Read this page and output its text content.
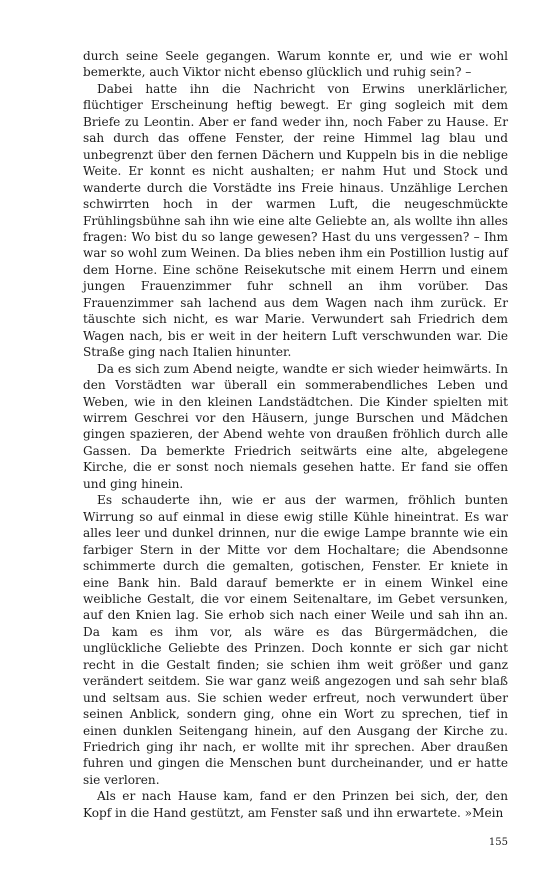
durch seine Seele gegangen. Warum konnte er, und wie er wohl bemerkte, auch Viktor nicht ebenso glücklich und ruhig sein? –

Dabei hatte ihn die Nachricht von Erwins unerklärlicher, flüchtiger Erscheinung heftig bewegt. Er ging sogleich mit dem Briefe zu Leontin. Aber er fand weder ihn, noch Faber zu Hause. Er sah durch das offene Fenster, der reine Himmel lag blau und unbegrenzt über den fernen Dächern und Kuppeln bis in die neblige Weite. Er konnt es nicht aushalten; er nahm Hut und Stock und wanderte durch die Vorstädte ins Freie hinaus. Unzählige Lerchen schwirrten hoch in der warmen Luft, die neugeschmückte Frühlingsbühne sah ihn wie eine alte Geliebte an, als wollte ihn alles fragen: Wo bist du so lange gewesen? Hast du uns vergessen? – Ihm war so wohl zum Weinen. Da blies neben ihm ein Postillion lustig auf dem Horne. Eine schöne Reisekutsche mit einem Herrn und einem jungen Frauenzimmer fuhr schnell an ihm vorüber. Das Frauenzimmer sah lachend aus dem Wagen nach ihm zurück. Er täuschte sich nicht, es war Marie. Verwundert sah Friedrich dem Wagen nach, bis er weit in der heitern Luft verschwunden war. Die Straße ging nach Italien hinunter.

Da es sich zum Abend neigte, wandte er sich wieder heimwärts. In den Vorstädten war überall ein sommerabendliches Leben und Weben, wie in den kleinen Landstädtchen. Die Kinder spielten mit wirrem Geschrei vor den Häusern, junge Burschen und Mädchen gingen spazieren, der Abend wehte von draußen fröhlich durch alle Gassen. Da bemerkte Friedrich seitwärts eine alte, abgelegene Kirche, die er sonst noch niemals gesehen hatte. Er fand sie offen und ging hinein.

Es schauderte ihn, wie er aus der warmen, fröhlich bunten Wirrung so auf einmal in diese ewig stille Kühle hineintrat. Es war alles leer und dunkel drinnen, nur die ewige Lampe brannte wie ein farbiger Stern in der Mitte vor dem Hochaltare; die Abendsonne schimmerte durch die gemalten, gotischen, Fenster. Er kniete in eine Bank hin. Bald darauf bemerkte er in einem Winkel eine weibliche Gestalt, die vor einem Seitenaltare, im Gebet versunken, auf den Knien lag. Sie erhob sich nach einer Weile und sah ihn an. Da kam es ihm vor, als wäre es das Bürgermädchen, die unglückliche Geliebte des Prinzen. Doch konnte er sich gar nicht recht in die Gestalt finden; sie schien ihm weit größer und ganz verändert seitdem. Sie war ganz weiß angezogen und sah sehr blaß und seltsam aus. Sie schien weder erfreut, noch verwundert über seinen Anblick, sondern ging, ohne ein Wort zu sprechen, tief in einen dunklen Seitengang hinein, auf den Ausgang der Kirche zu. Friedrich ging ihr nach, er wollte mit ihr sprechen. Aber draußen fuhren und gingen die Menschen bunt durcheinander, und er hatte sie verloren.

Als er nach Hause kam, fand er den Prinzen bei sich, der, den Kopf in die Hand gestützt, am Fenster saß und ihn erwartete. »Mein

155
